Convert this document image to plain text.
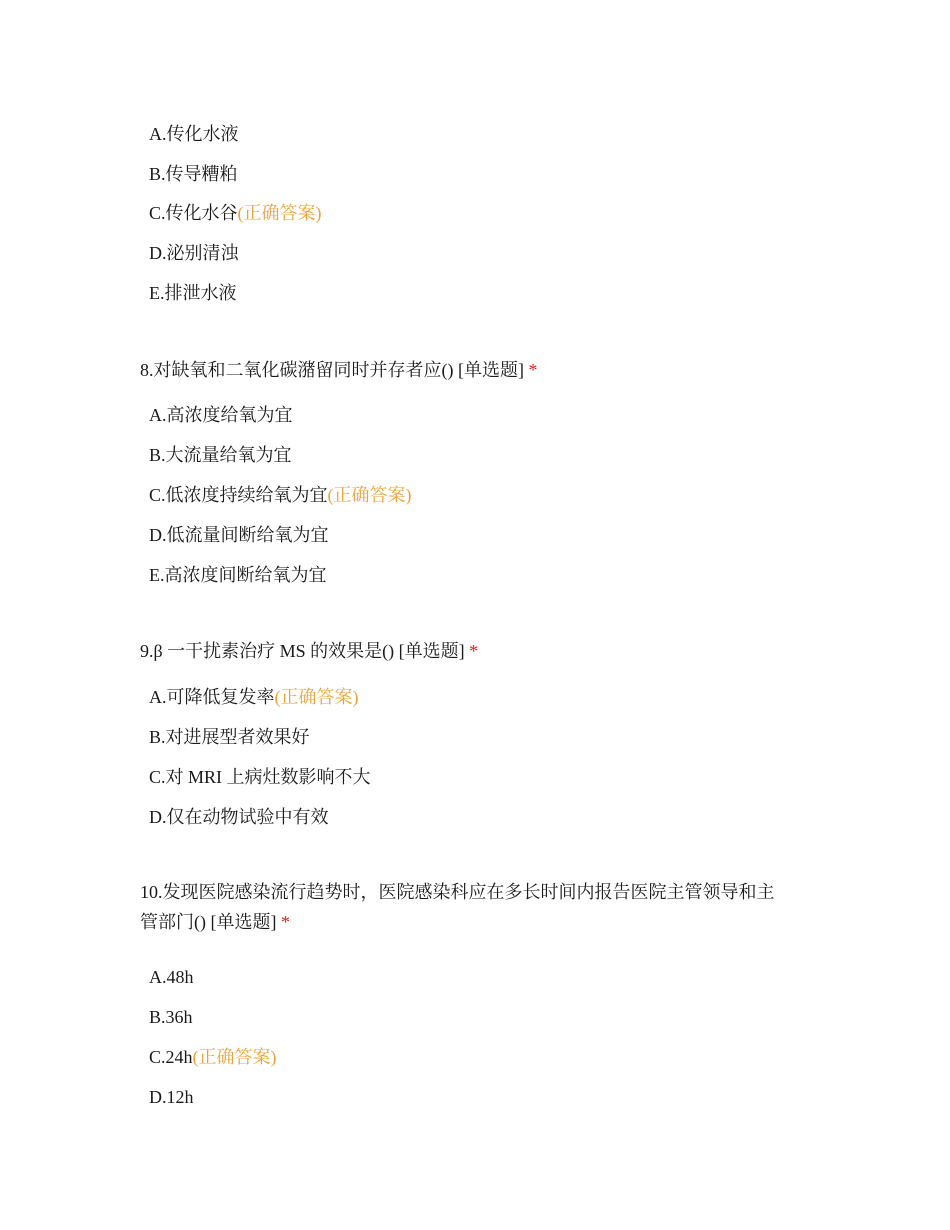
A.传化水液
B.传导糟粕
C.传化水谷(正确答案)
D.泌别清浊
E.排泄水液

8.对缺氧和二氧化碳潴留同时并存者应() [单选题] *

A.高浓度给氧为宜
B.大流量给氧为宜
C.低浓度持续给氧为宜(正确答案)
D.低流量间断给氧为宜
E.高浓度间断给氧为宜

9.β 一干扰素治疗 MS 的效果是() [单选题] *

A.可降低复发率(正确答案)
B.对进展型者效果好
C.对 MRI 上病灶数影响不大
D.仅在动物试验中有效
10.发现医院感染流行趋势时，医院感染科应在多长时间内报告医院主管领导和主
管部门() [单选题] *
A.48h
B.36h
C.24h(正确答案)
D.12h
